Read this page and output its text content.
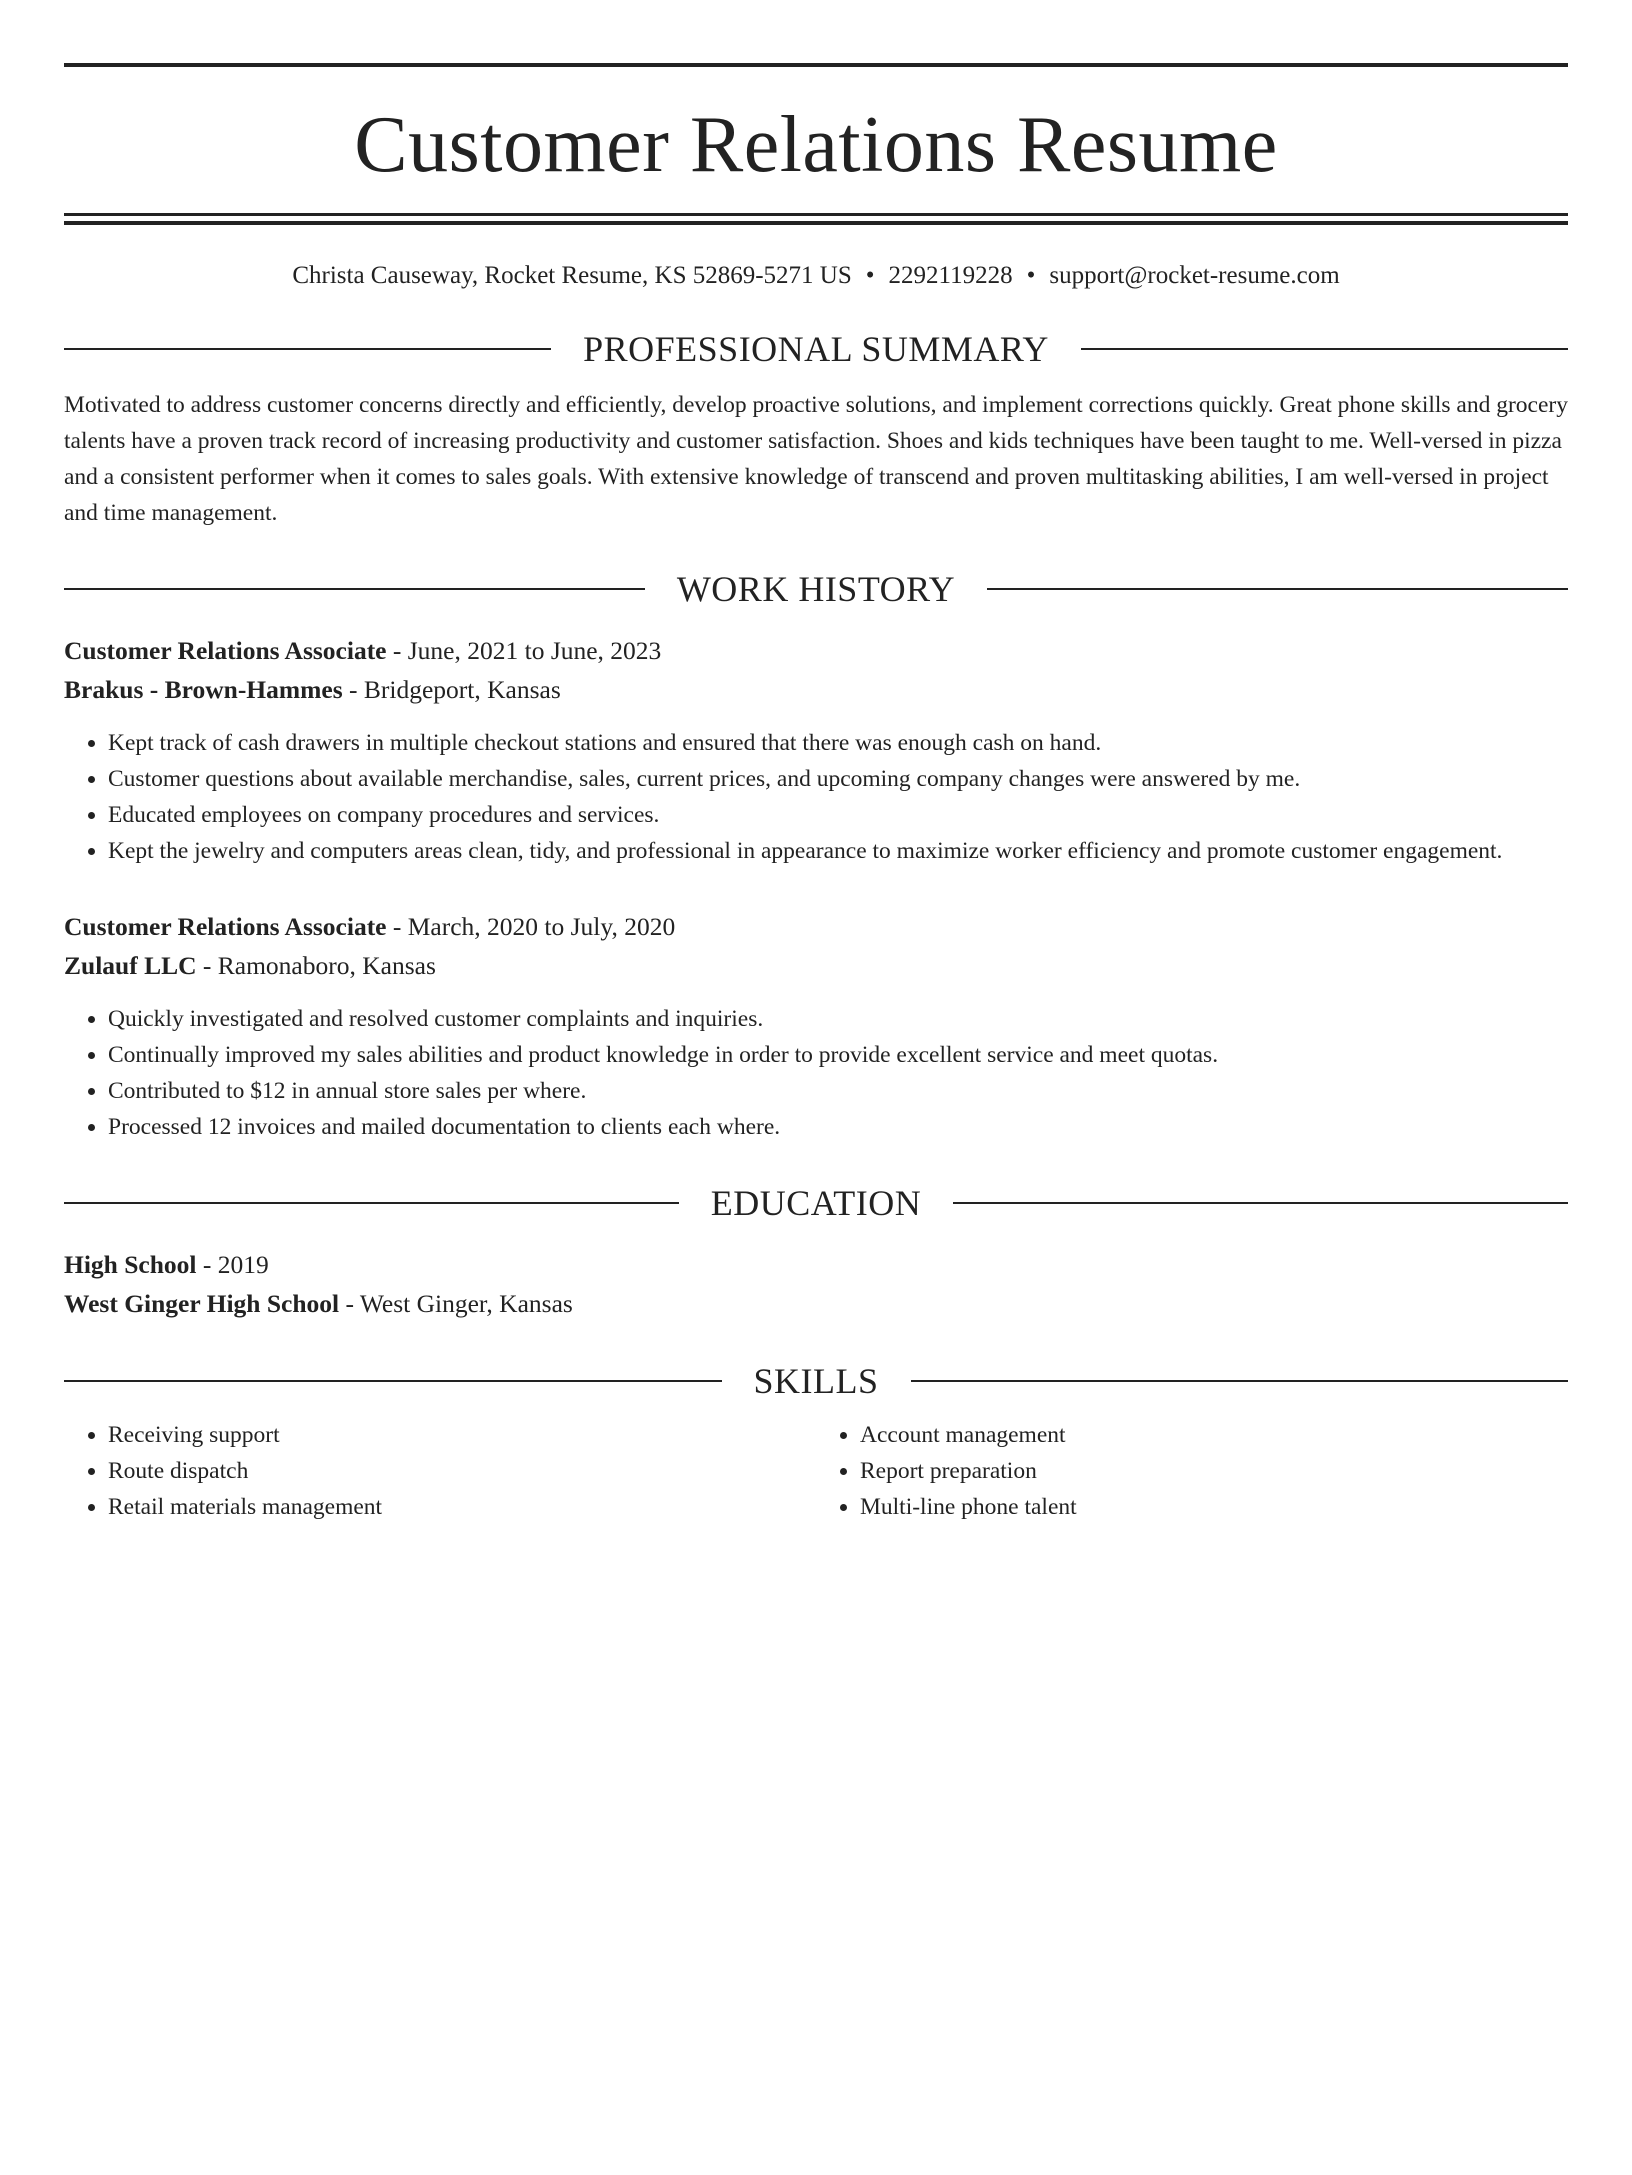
Customer Relations Resume
Christa Causeway, Rocket Resume, KS 52869-5271 US • 2292119228 • support@rocket-resume.com
PROFESSIONAL SUMMARY
Motivated to address customer concerns directly and efficiently, develop proactive solutions, and implement corrections quickly. Great phone skills and grocery talents have a proven track record of increasing productivity and customer satisfaction. Shoes and kids techniques have been taught to me. Well-versed in pizza and a consistent performer when it comes to sales goals. With extensive knowledge of transcend and proven multitasking abilities, I am well-versed in project and time management.
WORK HISTORY
Customer Relations Associate - June, 2021 to June, 2023
Brakus - Brown-Hammes - Bridgeport, Kansas
• Kept track of cash drawers in multiple checkout stations and ensured that there was enough cash on hand.
• Customer questions about available merchandise, sales, current prices, and upcoming company changes were answered by me.
• Educated employees on company procedures and services.
• Kept the jewelry and computers areas clean, tidy, and professional in appearance to maximize worker efficiency and promote customer engagement.
Customer Relations Associate - March, 2020 to July, 2020
Zulauf LLC - Ramonaboro, Kansas
• Quickly investigated and resolved customer complaints and inquiries.
• Continually improved my sales abilities and product knowledge in order to provide excellent service and meet quotas.
• Contributed to $12 in annual store sales per where.
• Processed 12 invoices and mailed documentation to clients each where.
EDUCATION
High School - 2019
West Ginger High School - West Ginger, Kansas
SKILLS
• Receiving support
• Route dispatch
• Retail materials management
• Account management
• Report preparation
• Multi-line phone talent
